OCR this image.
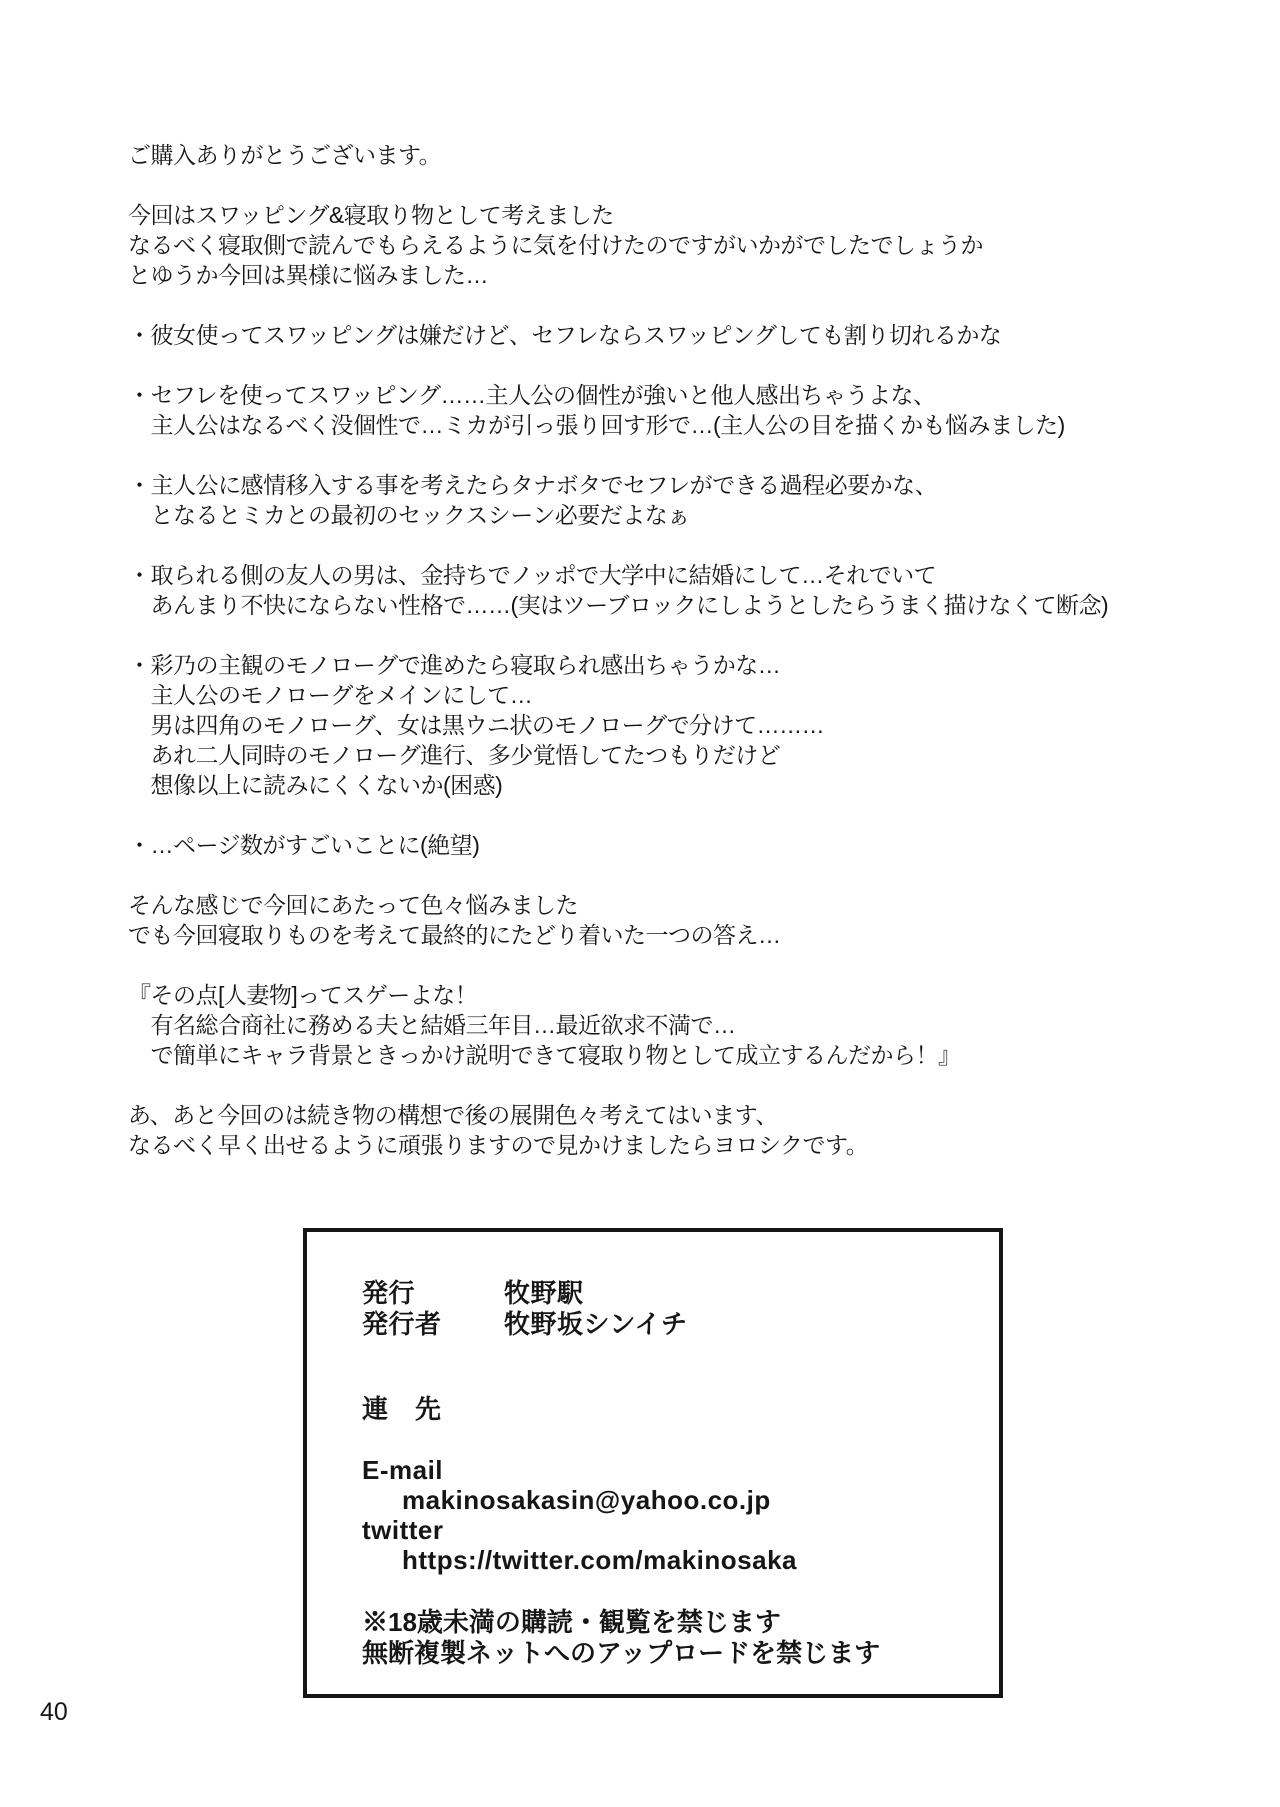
ご購入ありがとうございます。
今回はスワッピング&寝取り物として考えました
なるべく寝取側で読んでもらえるように気を付けたのですがいかがでしたでしょうか
とゆうか今回は異様に悩みました…
・彼女使ってスワッピングは嫌だけど、セフレならスワッピングしても割り切れるかな
・セフレを使ってスワッピング……主人公の個性が強いと他人感出ちゃうよな、
　主人公はなるべく没個性で…ミカが引っ張り回す形で…(主人公の目を描くかも悩みました)
・主人公に感情移入する事を考えたらタナボタでセフレができる過程必要かな、
　となるとミカとの最初のセックスシーン必要だよなぁ
・取られる側の友人の男は、金持ちでノッポで大学中に結婚にして…それでいて
　あんまり不快にならない性格で……(実はツーブロックにしようとしたらうまく描けなくて断念)
・彩乃の主観のモノローグで進めたら寝取られ感出ちゃうかな…
　主人公のモノローグをメインにして…
　男は四角のモノローグ、女は黒ウニ状のモノローグで分けて………
　あれ二人同時のモノローグ進行、多少覚悟してたつもりだけど
　想像以上に読みにくくないか(困惑)
・…ページ数がすごいことに(絶望)
そんな感じで今回にあたって色々悩みました
でも今回寝取りものを考えて最終的にたどり着いた一つの答え…
『その点[人妻物]ってスゲーよな！
　有名総合商社に務める夫と結婚三年目…最近欲求不満で…
　で簡単にキャラ背景ときっかけ説明できて寝取り物として成立するんだから！』
あ、あと今回のは続き物の構想で後の展開色々考えてはいます、
なるべく早く出せるように頑張りますので見かけましたらヨロシクです。
発行	牧野駅
発行者 牧野坂シンイチ
連　先
E-mail
makinosakasin@yahoo.co.jp
twitter
https://twitter.com/makinosaka
※18歳未満の購読・観覧を禁じます
無断複製ネットへのアップロードを禁じます
40
